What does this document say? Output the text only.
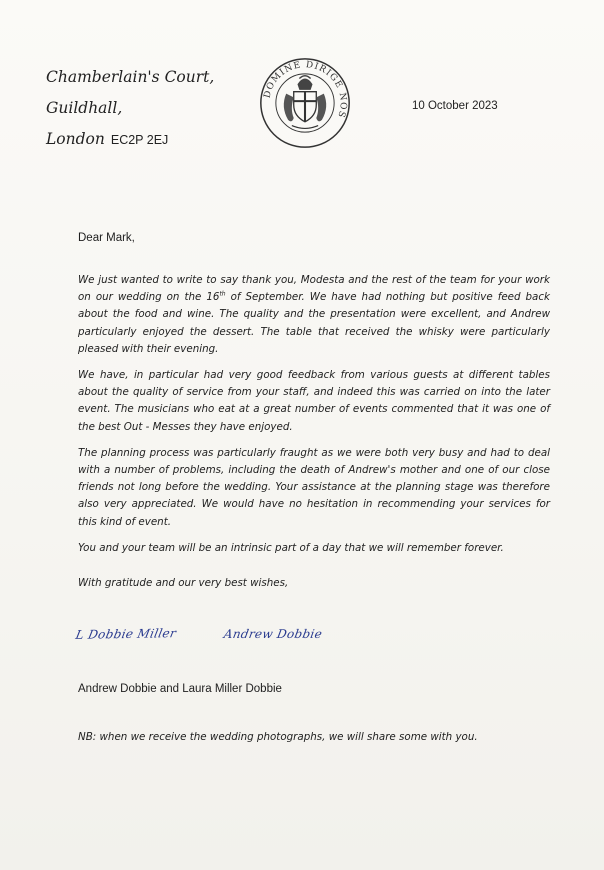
Chamberlain's Court,
Guildhall,
London EC2P 2EJ
DOMINE DIRIGE NOS
10 October 2023
Dear Mark,

We just wanted to write to say thank you, Modesta and the rest of the team for your work on our wedding on the 16th of September. We have had nothing but positive feed back about the food and wine. The quality and the presentation were excellent, and Andrew particularly enjoyed the dessert. The table that received the whisky were particularly pleased with their evening.

We have, in particular had very good feedback from various guests at different tables about the quality of service from your staff, and indeed this was carried on into the later event. The musicians who eat at a great number of events commented that it was one of the best Out - Messes they have enjoyed.

The planning process was particularly fraught as we were both very busy and had to deal with a number of problems, including the death of Andrew's mother and one of our close friends not long before the wedding. Your assistance at the planning stage was therefore also very appreciated. We would have no hesitation in recommending your services for this kind of event.

You and your team will be an intrinsic part of a day that we will remember forever.

With gratitude and our very best wishes,

L Dobbie Miller	Andrew Dobbie
Andrew Dobbie and Laura Miller Dobbie
NB: when we receive the wedding photographs, we will share some with you.
